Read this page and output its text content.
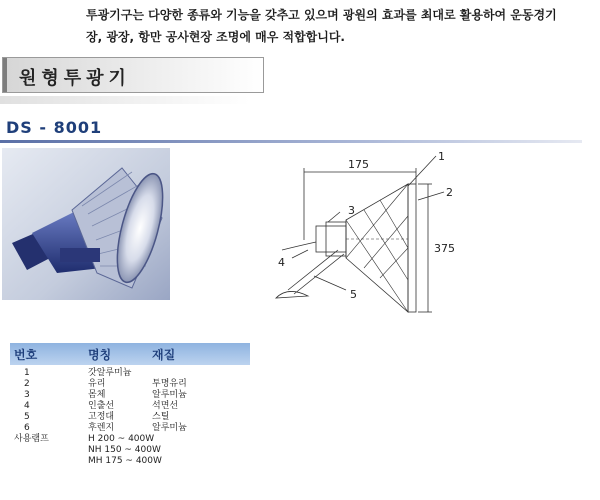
투광기구는 다양한 종류와 기능을 갖추고 있으며 광원의 효과를 최대로 활용하여 운동경기
장, 광장, 항만 공사현장 조명에 매우 적합합니다.
원형투광기
DS - 8001
175
375
1
2
3
4
5
번호	명칭	재질
1	갓알루미늄
2	유리	투명유리
3	몸체	알루미늄
4	인출선	석면선
5	고정대	스틸
6	후렌지	알루미늄
사용램프	H 200 ~ 400W
NH 150 ~ 400W
MH 175 ~ 400W
